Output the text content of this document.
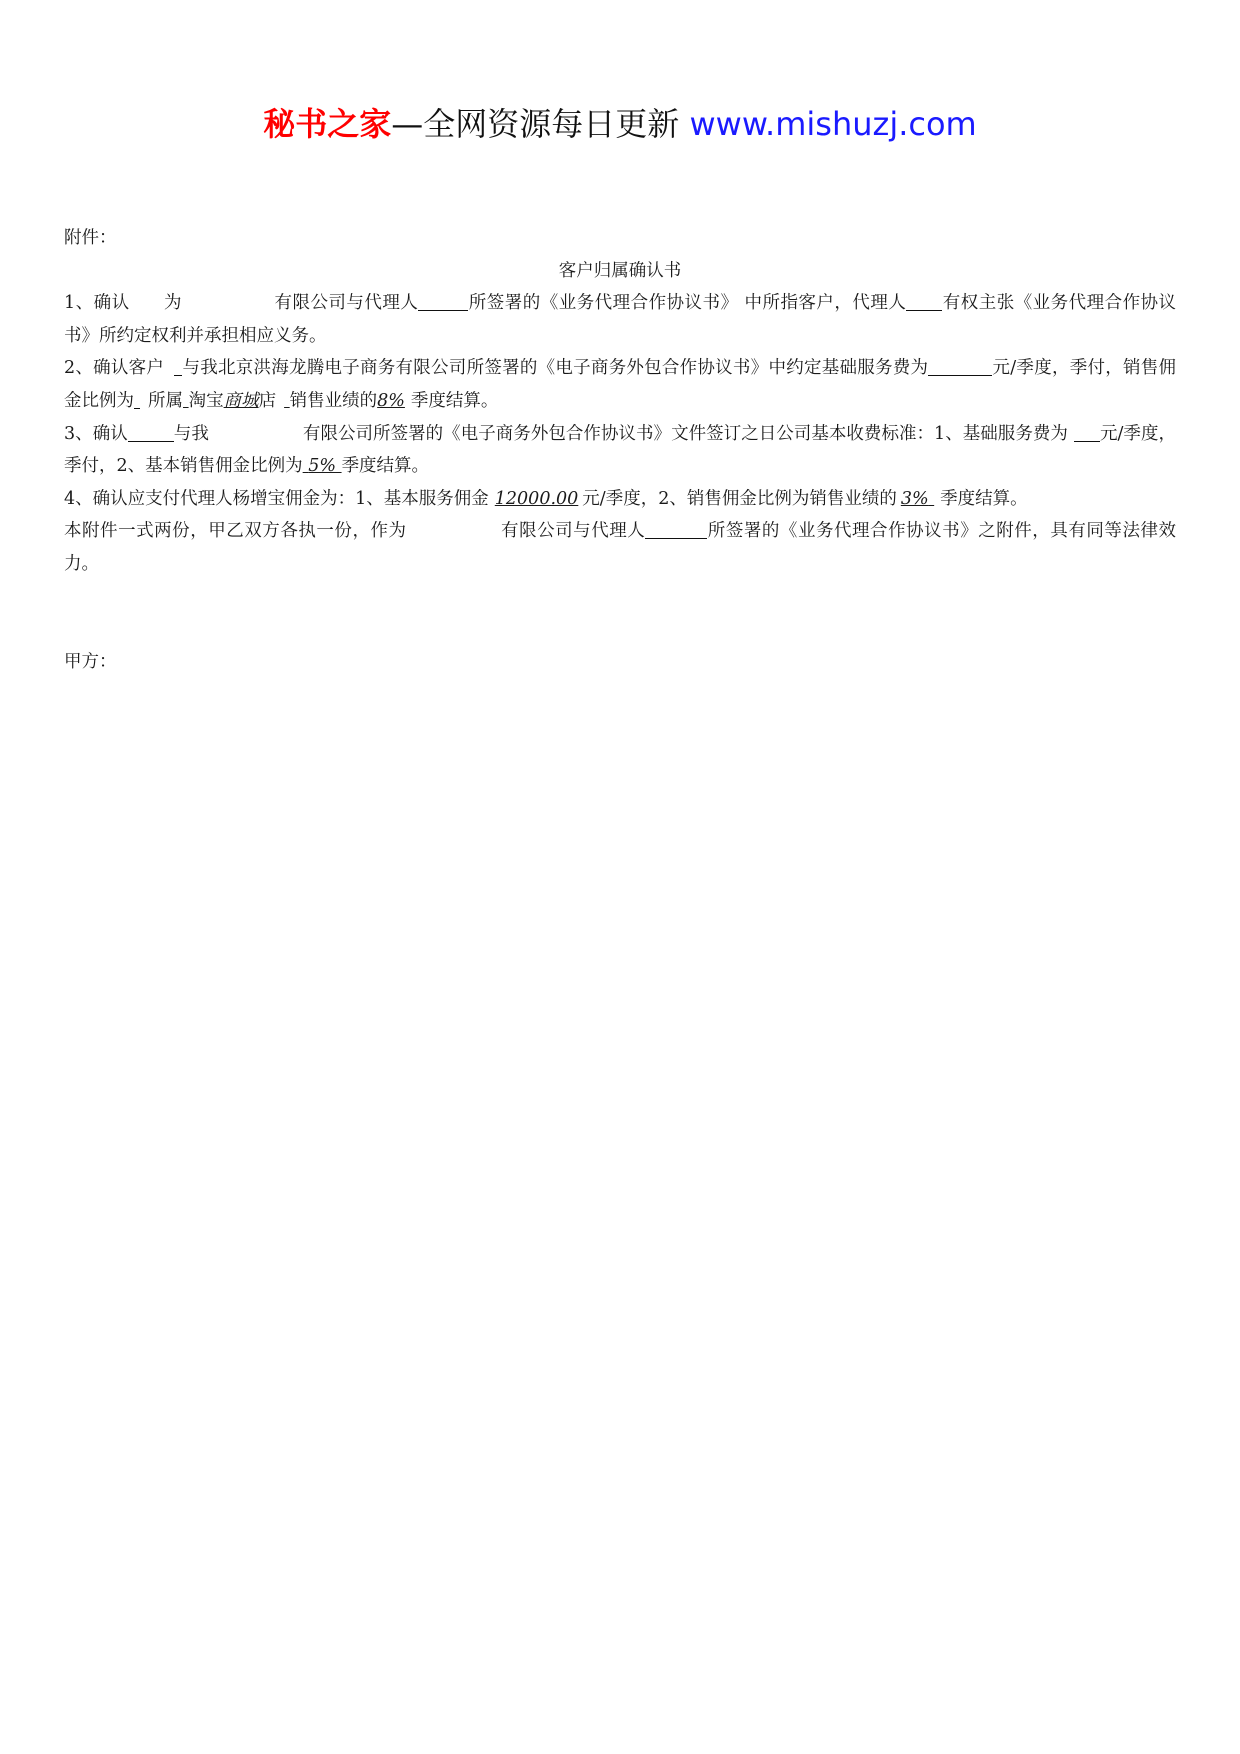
秘书之家—全网资源每日更新 www.mishuzj.com

附件：

客户归属确认书

1、确认 为	有限公司与代理人	所签署的《业务代理合作协议书》 中所指客户，代理人 有权主张《业务代理合作协议书》所约定权利并承担相应义务。

2、确认客户 与我北京洪海龙腾电子商务有限公司所签署的《电子商务外包合作协议书》中约定基础服务费为	元/季度，季付，销售佣金比例为 所属 淘宝商城店 销售业绩的8% 季度结算。

3、确认	与我	有限公司所签署的《电子商务外包合作协议书》文件签订之日公司基本收费标准：1、基础服务费为 元/季度，季付，2、基本销售佣金比例为 5% 季度结算。

4、确认应支付代理人杨增宝佣金为：1、基本服务佣金 12000.00 元/季度，2、销售佣金比例为销售业绩的 3% 季度结算。

本附件一式两份，甲乙双方各执一份，作为	有限公司与代理人	所签署的《业务代理合作协议书》之附件，具有同等法律效力。

甲方：
